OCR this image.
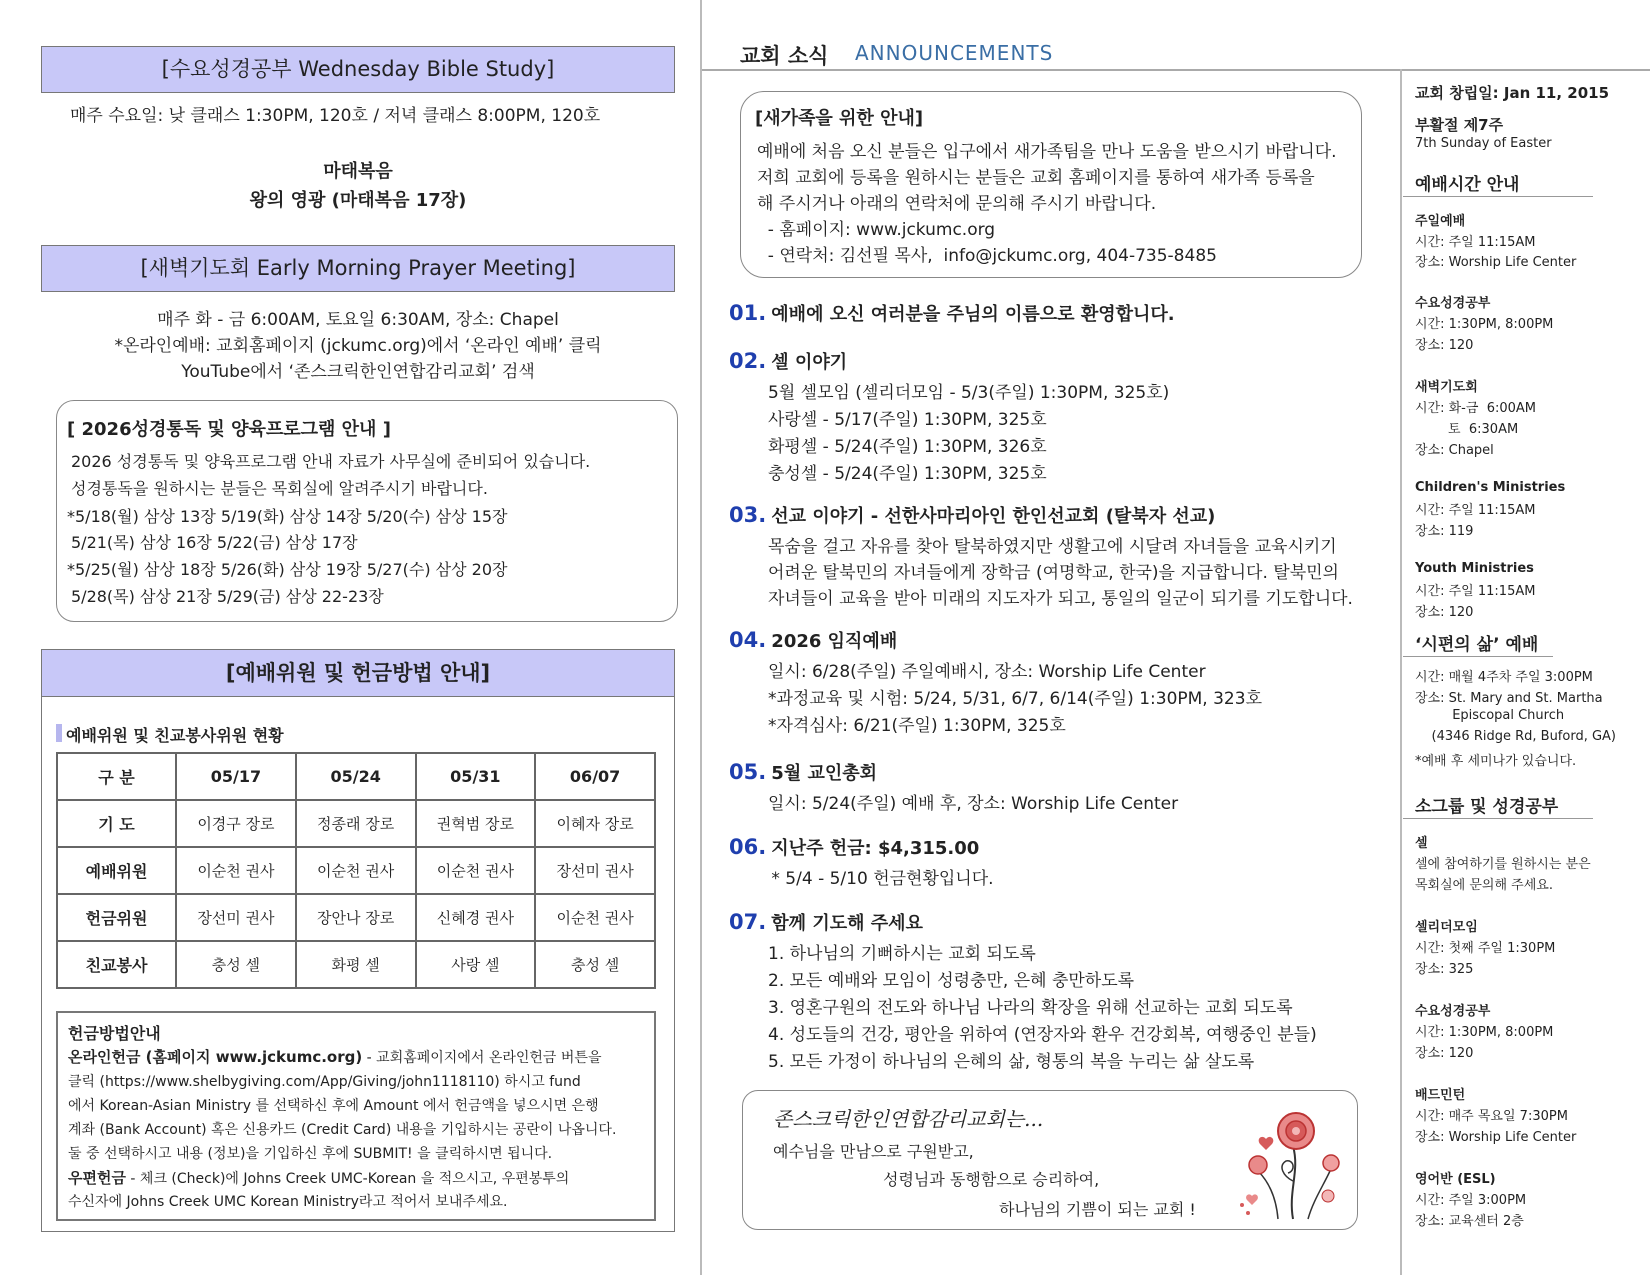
[수요성경공부 Wednesday Bible Study]
매주 수요일: 낮 클래스 1:30PM, 120호 / 저녁 클래스 8:00PM, 120호
마태복음
왕의 영광 (마태복음 17장)
[새벽기도회 Early Morning Prayer Meeting]
매주 화 - 금 6:00AM, 토요일 6:30AM, 장소: Chapel
*온라인예배: 교회홈페이지 (jckumc.org)에서 ‘온라인 예배’ 클릭
YouTube에서 ‘존스크릭한인연합감리교회’ 검색
[ 2026성경통독 및 양육프로그램 안내 ]
2026 성경통독 및 양육프로그램 안내 자료가 사무실에 준비되어 있습니다.
성경통독을 원하시는 분들은 목회실에 알려주시기 바랍니다.
*5/18(월) 삼상 13장 5/19(화) 삼상 14장 5/20(수) 삼상 15장
5/21(목) 삼상 16장 5/22(금) 삼상 17장
*5/25(월) 삼상 18장 5/26(화) 삼상 19장 5/27(수) 삼상 20장
5/28(목) 삼상 21장 5/29(금) 삼상 22-23장
[예배위원 및 헌금방법 안내]
예배위원 및 친교봉사위원 현황
구 분	05/17	05/24	05/31	06/07
기 도	이경구 장로	정종래 장로	권혁범 장로	이혜자 장로
예배위원	이순천 권사	이순천 권사	이순천 권사	장선미 권사
헌금위원	장선미 권사	장안나 장로	신혜경 권사	이순천 권사
친교봉사	충성 셀	화평 셀	사랑 셀	충성 셀
헌금방법안내
온라인헌금 (홈페이지 www.jckumc.org) - 교회홈페이지에서 온라인헌금 버튼을
클릭 (https://www.shelbygiving.com/App/Giving/john1118110) 하시고 fund
에서 Korean-Asian Ministry 를 선택하신 후에 Amount 에서 헌금액을 넣으시면 은행
계좌 (Bank Account) 혹은 신용카드 (Credit Card) 내용을 기입하시는 공란이 나옵니다.
둘 중 선택하시고 내용 (정보)을 기입하신 후에 SUBMIT! 을 클릭하시면 됩니다.
우편헌금 - 체크 (Check)에 Johns Creek UMC-Korean 을 적으시고, 우편봉투의
수신자에 Johns Creek UMC Korean Ministry라고 적어서 보내주세요.
교회 소식 ANNOUNCEMENTS
[새가족을 위한 안내]
예배에 처음 오신 분들은 입구에서 새가족팀을 만나 도움을 받으시기 바랍니다.
저희 교회에 등록을 원하시는 분들은 교회 홈페이지를 통하여 새가족 등록을
해 주시거나 아래의 연락처에 문의해 주시기 바랍니다.
- 홈페이지: www.jckumc.org
- 연락처: 김선필 목사,  info@jckumc.org, 404-735-8485
01. 예배에 오신 여러분을 주님의 이름으로 환영합니다.
02. 셀 이야기
5월 셀모임 (셀리더모임 - 5/3(주일) 1:30PM, 325호)
사랑셀 - 5/17(주일) 1:30PM, 325호
화평셀 - 5/24(주일) 1:30PM, 326호
충성셀 - 5/24(주일) 1:30PM, 325호
03. 선교 이야기 - 선한사마리아인 한인선교회 (탈북자 선교)
목숨을 걸고 자유를 찾아 탈북하였지만 생활고에 시달려 자녀들을 교육시키기
어려운 탈북민의 자녀들에게 장학금 (여명학교, 한국)을 지급합니다. 탈북민의
자녀들이 교육을 받아 미래의 지도자가 되고, 통일의 일군이 되기를 기도합니다.
04. 2026 임직예배
일시: 6/28(주일) 주일예배시, 장소: Worship Life Center
*과정교육 및 시험: 5/24, 5/31, 6/7, 6/14(주일) 1:30PM, 323호
*자격심사: 6/21(주일) 1:30PM, 325호
05. 5월 교인총회
일시: 5/24(주일) 예배 후, 장소: Worship Life Center
06. 지난주 헌금: $4,315.00
* 5/4 - 5/10 헌금현황입니다.
07. 함께 기도해 주세요
1. 하나님의 기뻐하시는 교회 되도록
2. 모든 예배와 모임이 성령충만, 은혜 충만하도록
3. 영혼구원의 전도와 하나님 나라의 확장을 위해 선교하는 교회 되도록
4. 성도들의 건강, 평안을 위하여 (연장자와 환우 건강회복, 여행중인 분들)
5. 모든 가정이 하나님의 은혜의 삶, 형통의 복을 누리는 삶 살도록
존스크릭한인연합감리교회는...
예수님을 만남으로 구원받고,
성령님과 동행함으로 승리하여,
하나님의 기쁨이 되는 교회 !
교회 창립일: Jan 11, 2015
부활절 제7주
7th Sunday of Easter
예배시간 안내
주일예배
시간: 주일 11:15AM
장소: Worship Life Center
수요성경공부
시간: 1:30PM, 8:00PM
장소: 120
새벽기도회
시간: 화-금  6:00AM
토  6:30AM
장소: Chapel
Children's Ministries
시간: 주일 11:15AM
장소: 119
Youth Ministries
시간: 주일 11:15AM
장소: 120
‘시편의 삶’ 예배
시간: 매월 4주차 주일 3:00PM
장소: St. Mary and St. Martha
Episcopal Church
(4346 Ridge Rd, Buford, GA)
*예배 후 세미나가 있습니다.
소그룹 및 성경공부
셀
셀에 참여하기를 원하시는 분은
목회실에 문의해 주세요.
셀리더모임
시간: 첫째 주일 1:30PM
장소: 325
수요성경공부
시간: 1:30PM, 8:00PM
장소: 120
배드민턴
시간: 매주 목요일 7:30PM
장소: Worship Life Center
영어반 (ESL)
시간: 주일 3:00PM
장소: 교육센터 2층
